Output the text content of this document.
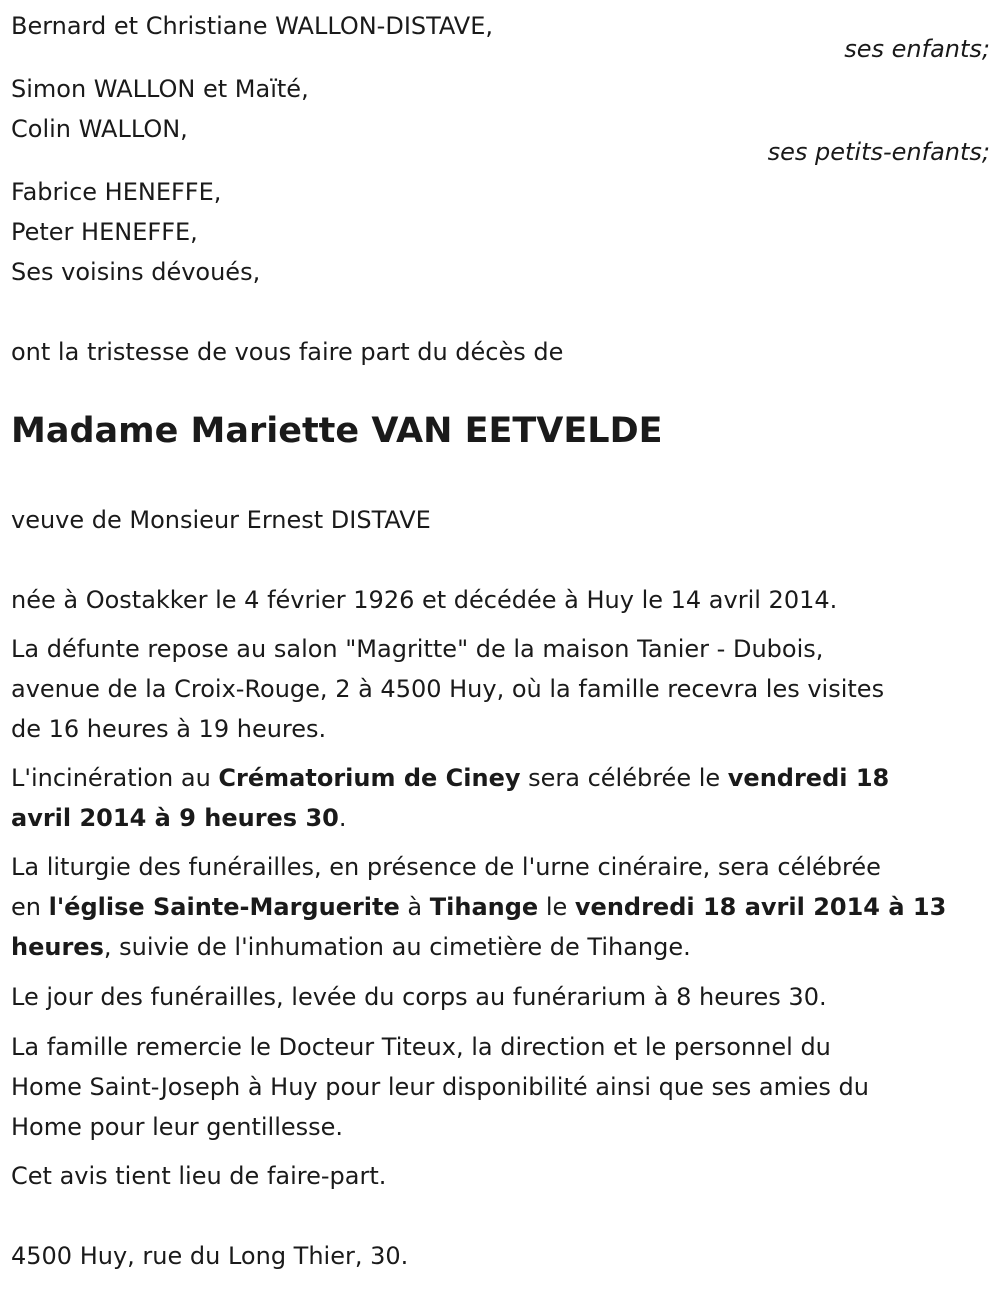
Bernard et Christiane WALLON-DISTAVE,
ses enfants;
Simon WALLON et Maïté,
Colin WALLON,
ses petits-enfants;
Fabrice HENEFFE,
Peter HENEFFE,
Ses voisins dévoués,
ont la tristesse de vous faire part du décès de
Madame Mariette VAN EETVELDE
veuve de Monsieur Ernest DISTAVE
née à Oostakker le 4 février 1926 et décédée à Huy le 14 avril 2014.
La défunte repose au salon "Magritte" de la maison Tanier - Dubois,
avenue de la Croix-Rouge, 2 à 4500 Huy, où la famille recevra les visites
de 16 heures à 19 heures.
L'incinération au Crématorium de Ciney sera célébrée le vendredi 18
avril 2014 à 9 heures 30.
La liturgie des funérailles, en présence de l'urne cinéraire, sera célébrée
en l'église Sainte-Marguerite à Tihange le vendredi 18 avril 2014 à 13
heures, suivie de l'inhumation au cimetière de Tihange.
Le jour des funérailles, levée du corps au funérarium à 8 heures 30.
La famille remercie le Docteur Titeux, la direction et le personnel du
Home Saint-Joseph à Huy pour leur disponibilité ainsi que ses amies du
Home pour leur gentillesse.
Cet avis tient lieu de faire-part.
4500 Huy, rue du Long Thier, 30.
